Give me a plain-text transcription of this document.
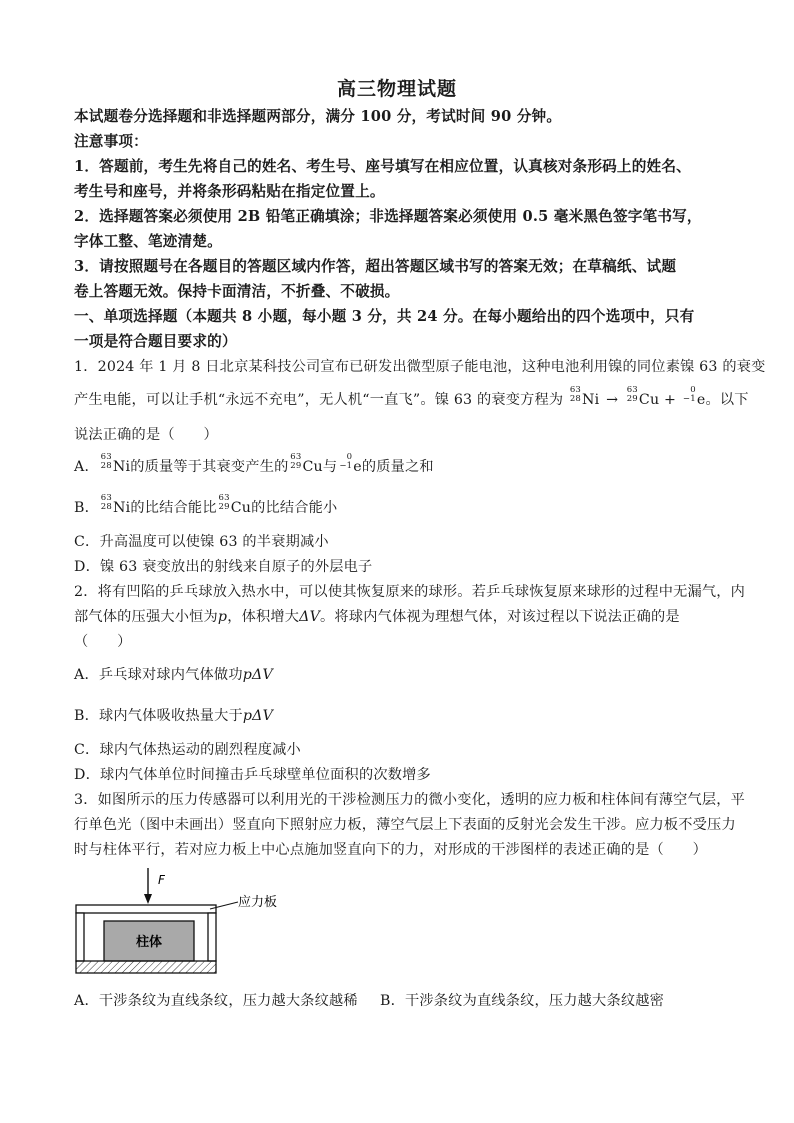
高三物理试题
本试题卷分选择题和非选择题两部分，满分 100 分，考试时间 90 分钟。
注意事项：
1．答题前，考生先将自己的姓名、考生号、座号填写在相应位置，认真核对条形码上的姓名、
考生号和座号，并将条形码粘贴在指定位置上。
2．选择题答案必须使用 2B 铅笔正确填涂；非选择题答案必须使用 0.5 毫米黑色签字笔书写，
字体工整、笔迹清楚。
3．请按照题号在各题目的答题区域内作答，超出答题区域书写的答案无效；在草稿纸、试题
卷上答题无效。保持卡面清洁，不折叠、不破损。
一、单项选择题（本题共 8 小题，每小题 3 分，共 24 分。在每小题给出的四个选项中，只有
一项是符合题目要求的）
1．2024 年 1 月 8 日北京某科技公司宣布已研发出微型原子能电池，这种电池利用镍的同位素镍 63 的衰变
产生电能，可以让手机“永远不充电”，无人机“一直飞”。镍 63 的衰变方程为
63
28 Ni →
63
29 Cu +
0
−1 e。以下
说法正确的是（　　）
A．
63
28 Ni的质量等于其衰变产生的
63
29 Cu与
0
−1 e的质量之和
B．
63
28 Ni的比结合能比
63
29 Cu的比结合能小
C．升高温度可以使镍 63 的半衰期减小
D．镍 63 衰变放出的射线来自原子的外层电子
2．将有凹陷的乒乓球放入热水中，可以使其恢复原来的球形。若乒乓球恢复原来球形的过程中无漏气，内
部气体的压强大小恒为p，体积增大ΔV。将球内气体视为理想气体，对该过程以下说法正确的是
（　　）
A．乒乓球对球内气体做功pΔV
B．球内气体吸收热量大于pΔV
C．球内气体热运动的剧烈程度减小
D．球内气体单位时间撞击乒乓球壁单位面积的次数增多
3．如图所示的压力传感器可以利用光的干涉检测压力的微小变化，透明的应力板和柱体间有薄空气层，平
行单色光（图中未画出）竖直向下照射应力板，薄空气层上下表面的反射光会发生干涉。应力板不受压力
时与柱体平行，若对应力板上中心点施加竖直向下的力，对形成的干涉图样的表述正确的是（　　）
F
应力板
柱体
A．干涉条纹为直线条纹，压力越大条纹越稀 B．干涉条纹为直线条纹，压力越大条纹越密
